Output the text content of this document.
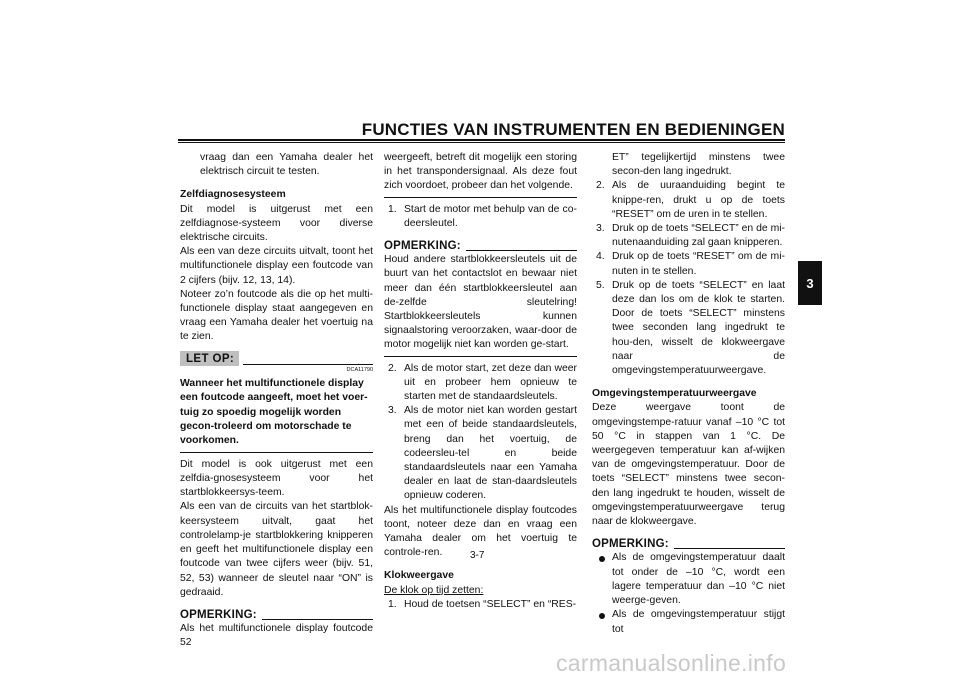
FUNCTIES VAN INSTRUMENTEN EN BEDIENINGEN
3

vraag dan een Yamaha dealer het elektrisch circuit te testen.

Zelfdiagnosesysteem

Dit model is uitgerust met een zelfdiagnose-systeem voor diverse elektrische circuits.

Als een van deze circuits uitvalt, toont het multifunctionele display een foutcode van 2 cijfers (bijv. 12, 13, 14).

Noteer zo’n foutcode als die op het multi-functionele display staat aangegeven en vraag een Yamaha dealer het voertuig na te zien.

LET OP:
DCA11790

Wanneer het multifunctionele display een foutcode aangeeft, moet het voer-tuig zo spoedig mogelijk worden gecon-troleerd om motorschade te voorkomen.

Dit model is ook uitgerust met een zelfdia-gnosesysteem voor het startblokkeersys-teem.

Als een van de circuits van het startblok-keersysteem uitvalt, gaat het controlelamp-je startblokkering knipperen en geeft het multifunctionele display een foutcode van twee cijfers weer (bijv. 51, 52, 53) wanneer de sleutel naar “ON” is gedraaid.

OPMERKING:

Als het multifunctionele display foutcode 52

weergeeft, betreft dit mogelijk een storing in het transpondersignaal. Als deze fout zich voordoet, probeer dan het volgende.

1. Start de motor met behulp van de co-deersleutel.

OPMERKING:

Houd andere startblokkeersleutels uit de buurt van het contactslot en bewaar niet meer dan één startblokkeersleutel aan de-zelfde sleutelring! Startblokkeersleutels kunnen signaalstoring veroorzaken, waar-door de motor mogelijk niet kan worden ge-start.

2. Als de motor start, zet deze dan weer uit en probeer hem opnieuw te starten met de standaardsleutels.

3. Als de motor niet kan worden gestart met een of beide standaardsleutels, breng dan het voertuig, de codeersleu-tel en beide standaardsleutels naar een Yamaha dealer en laat de stan-daardsleutels opnieuw coderen.

Als het multifunctionele display foutcodes toont, noteer deze dan en vraag een Yamaha dealer om het voertuig te controle-ren.

Klokweergave

De klok op tijd zetten:

1. Houd de toetsen “SELECT” en “RES-

ET” tegelijkertijd minstens twee secon-den lang ingedrukt.

2. Als de uuraanduiding begint te knippe-ren, drukt u op de toets “RESET” om de uren in te stellen.

3. Druk op de toets “SELECT” en de mi-nutenaanduiding zal gaan knipperen.

4. Druk op de toets “RESET” om de mi-nuten in te stellen.

5. Druk op de toets “SELECT” en laat deze dan los om de klok te starten. Door de toets “SELECT” minstens twee seconden lang ingedrukt te hou-den, wisselt de klokweergave naar de omgevingstemperatuurweergave.

Omgevingstemperatuurweergave

Deze weergave toont de omgevingstempe-ratuur vanaf –10 °C tot 50 °C in stappen van 1 °C. De weergegeven temperatuur kan af-wijken van de omgevingstemperatuur. Door de toets “SELECT” minstens twee secon-den lang ingedrukt te houden, wisselt de omgevingstemperatuurweergave terug naar de klokweergave.

OPMERKING:

Als de omgevingstemperatuur daalt tot onder de –10 °C, wordt een lagere temperatuur dan –10 °C niet weerge-geven.

Als de omgevingstemperatuur stijgt tot

3-7
carmanualsonline.info
